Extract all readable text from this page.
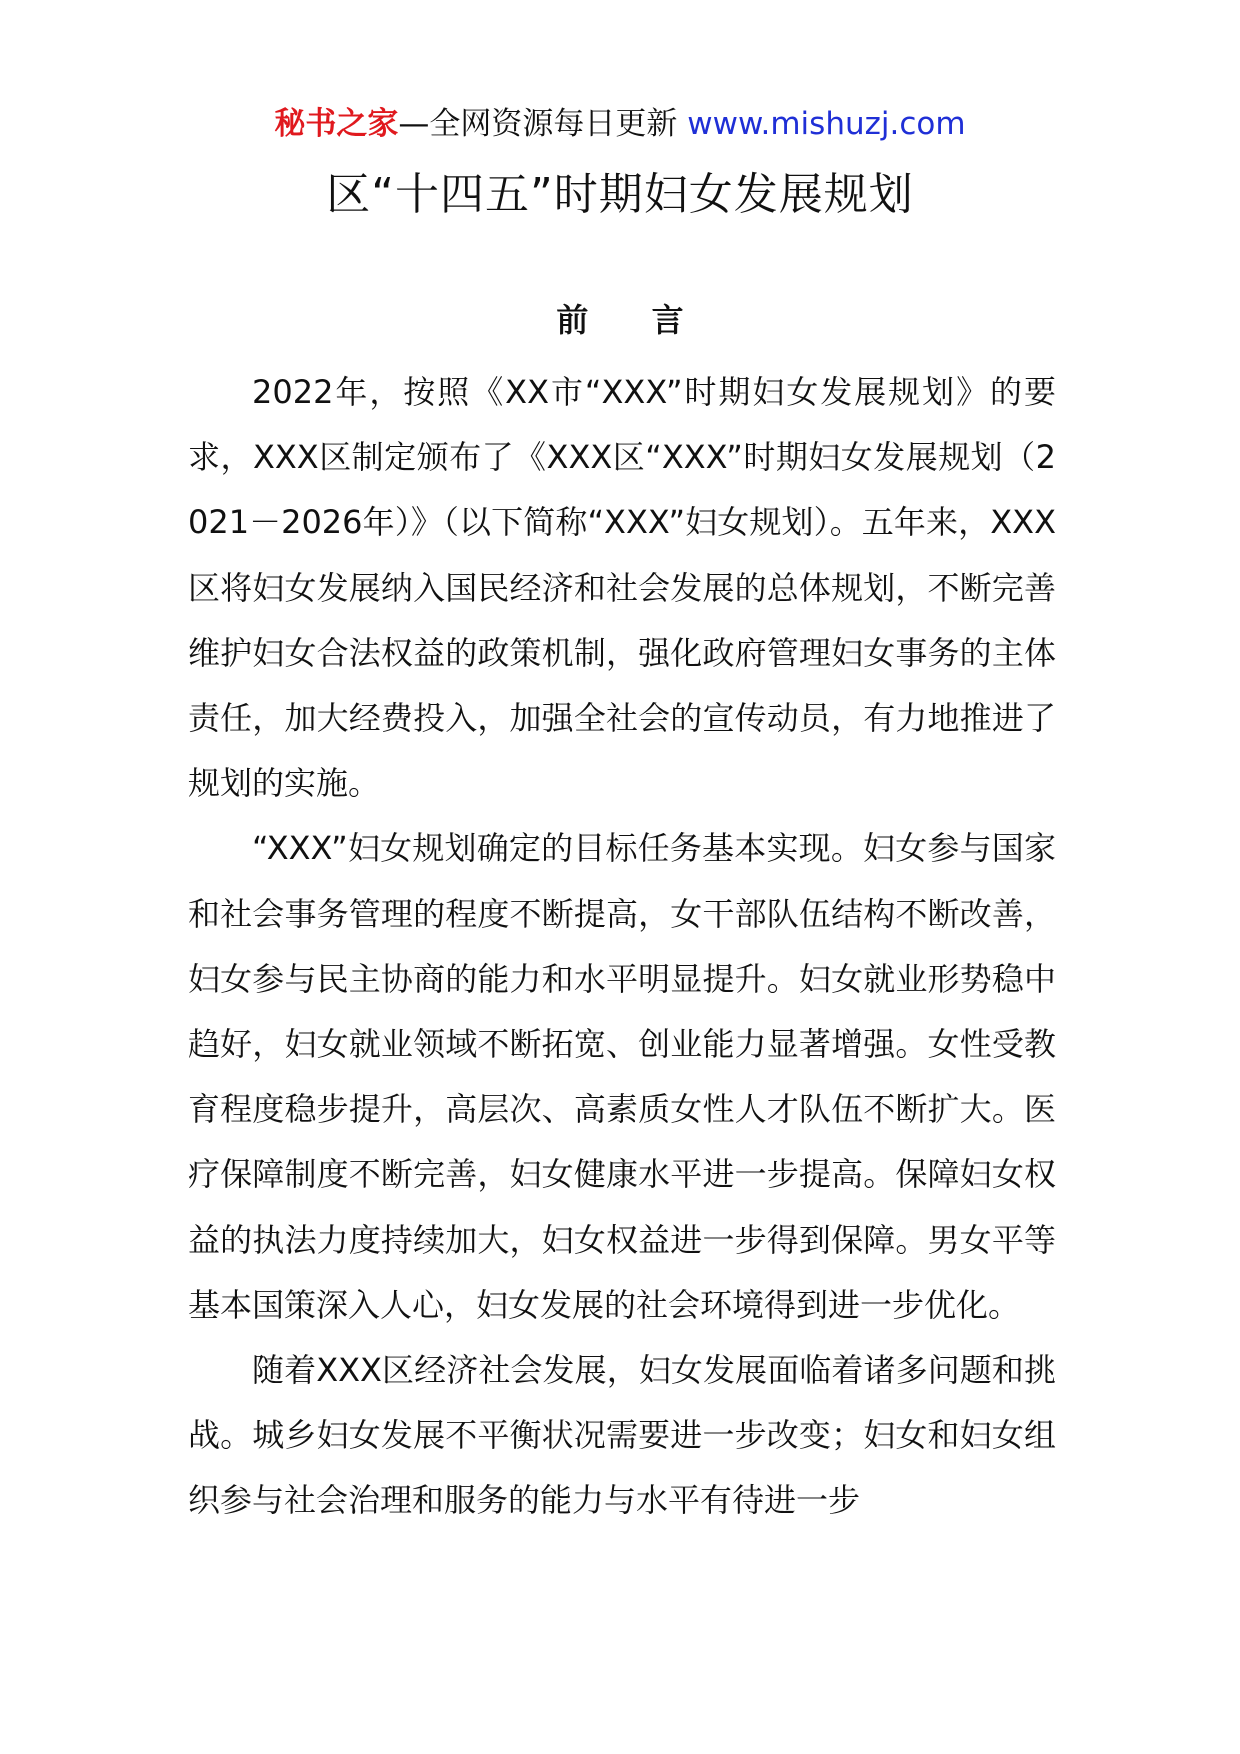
秘书之家—全网资源每日更新 www.mishuzj.com
区“十四五”时期妇女发展规划
前 言

2022年，按照《XX市“XXX”时期妇女发展规划》的要求，XXX区制定颁布了《XXX区“XXX”时期妇女发展规划（2021－2026年）》（以下简称“XXX”妇女规划）。五年来，XXX区将妇女发展纳入国民经济和社会发展的总体规划，不断完善维护妇女合法权益的政策机制，强化政府管理妇女事务的主体责任，加大经费投入，加强全社会的宣传动员，有力地推进了规划的实施。

“XXX”妇女规划确定的目标任务基本实现。妇女参与国家和社会事务管理的程度不断提高，女干部队伍结构不断改善，妇女参与民主协商的能力和水平明显提升。妇女就业形势稳中趋好，妇女就业领域不断拓宽、创业能力显著增强。女性受教育程度稳步提升，高层次、高素质女性人才队伍不断扩大。医疗保障制度不断完善，妇女健康水平进一步提高。保障妇女权益的执法力度持续加大，妇女权益进一步得到保障。男女平等基本国策深入人心，妇女发展的社会环境得到进一步优化。

随着XXX区经济社会发展，妇女发展面临着诸多问题和挑战。城乡妇女发展不平衡状况需要进一步改变；妇女和妇女组织参与社会治理和服务的能力与水平有待进一步
